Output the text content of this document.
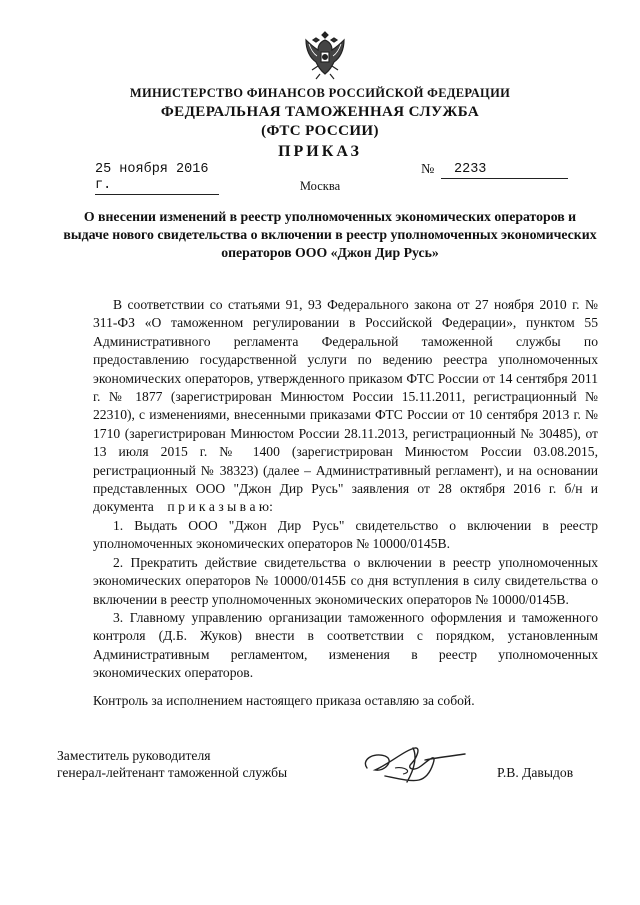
МИНИСТЕРСТВО ФИНАНСОВ РОССИЙСКОЙ ФЕДЕРАЦИИ
ФЕДЕРАЛЬНАЯ ТАМОЖЕННАЯ СЛУЖБА
(ФТС РОССИИ)
ПРИКАЗ
25 ноября 2016 г.
№	2233
Москва
О внесении изменений в реестр уполномоченных экономических операторов и выдаче нового свидетельства о включении в реестр уполномоченных экономических операторов ООО «Джон Дир Русь»

В соответствии со статьями 91, 93 Федерального закона от 27 ноября 2010 г. № 311-ФЗ «О таможенном регулировании в Российской Федерации», пунктом 55 Административного регламента Федеральной таможенной службы по предоставлению государственной услуги по ведению реестра уполномоченных экономических операторов, утвержденного приказом ФТС России от 14 сентября 2011 г. № 1877 (зарегистрирован Минюстом России 15.11.2011, регистрационный № 22310), с изменениями, внесенными приказами ФТС России от 10 сентября 2013 г. № 1710 (зарегистрирован Минюстом России 28.11.2013, регистрационный № 30485), от 13 июля 2015 г. № 1400 (зарегистрирован Минюстом России 03.08.2015, регистрационный № 38323) (далее – Административный регламент), и на основании представленных ООО "Джон Дир Русь" заявления от 28 октября 2016 г. б/н и документа п р и к а з ы в а ю:

1. Выдать ООО "Джон Дир Русь" свидетельство о включении в реестр уполномоченных экономических операторов № 10000/0145В.

2. Прекратить действие свидетельства о включении в реестр уполномоченных экономических операторов № 10000/0145Б со дня вступления в силу свидетельства о включении в реестр уполномоченных экономических операторов № 10000/0145В.

3. Главному управлению организации таможенного оформления и таможенного контроля (Д.Б. Жуков) внести в соответствии с порядком, установленным Административным регламентом, изменения в реестр уполномоченных экономических операторов.

Контроль за исполнением настоящего приказа оставляю за собой.
Заместитель руководителя
генерал-лейтенант таможенной службы	Р.В. Давыдов
